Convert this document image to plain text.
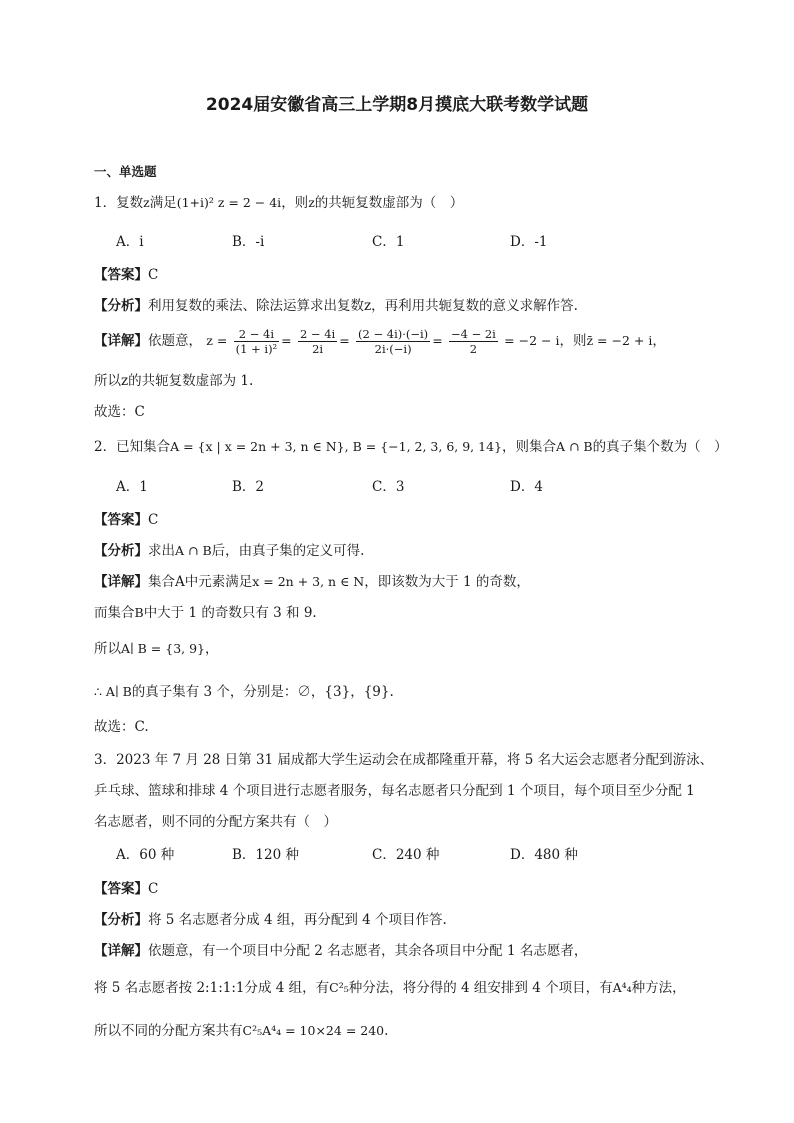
2024届安徽省高三上学期8月摸底大联考数学试题
一、单选题
1．复数z满足(1+i)² z = 2 − 4i，则z的共轭复数虚部为（　）
A．i	B．-i	C．1	D．-1
【答案】C
【分析】利用复数的乘法、除法运算求出复数z，再利用共轭复数的意义求解作答.
【详解】依题意， $z = \frac{2 - 4i}{\text{(1 + i)²}} = \frac{2 - 4i}{2i} = \frac{(2 - 4i)\cdot(-i)}{2i\cdot(-i)} = \frac{-4 - 2i}{2} = -2 - i$，则z̄ = −2 + i，
所以z的共轭复数虚部为 1.
故选：C
2．已知集合A = {x | x = 2n + 3, n ∈ N}, B = {−1, 2, 3, 6, 9, 14}，则集合A ∩ B的真子集个数为（　）
A．1	B．2	C．3	D．4
【答案】C
【分析】求出A ∩ B后，由真子集的定义可得.
【详解】集合A中元素满足x = 2n + 3, n ∈ N，即该数为大于 1 的奇数，
而集合B中大于 1 的奇数只有 3 和 9.
所以A∣ B = {3, 9}，
∴ A∣ B的真子集有 3 个，分别是：∅，{3}，{9}.
故选：C.
3．2023 年 7 月 28 日第 31 届成都大学生运动会在成都隆重开幕，将 5 名大运会志愿者分配到游泳、
乒乓球、篮球和排球 4 个项目进行志愿者服务，每名志愿者只分配到 1 个项目，每个项目至少分配 1
名志愿者，则不同的分配方案共有（　）
A．60 种	B．120 种	C．240 种	D．480 种
【答案】C
【分析】将 5 名志愿者分成 4 组，再分配到 4 个项目作答.
【详解】依题意，有一个项目中分配 2 名志愿者，其余各项目中分配 1 名志愿者，
将 5 名志愿者按 2:1:1:1分成 4 组，有C²₅种分法，将分得的 4 组安排到 4 个项目，有A⁴₄种方法，
所以不同的分配方案共有C²₅A⁴₄ = 10×24 = 240.
